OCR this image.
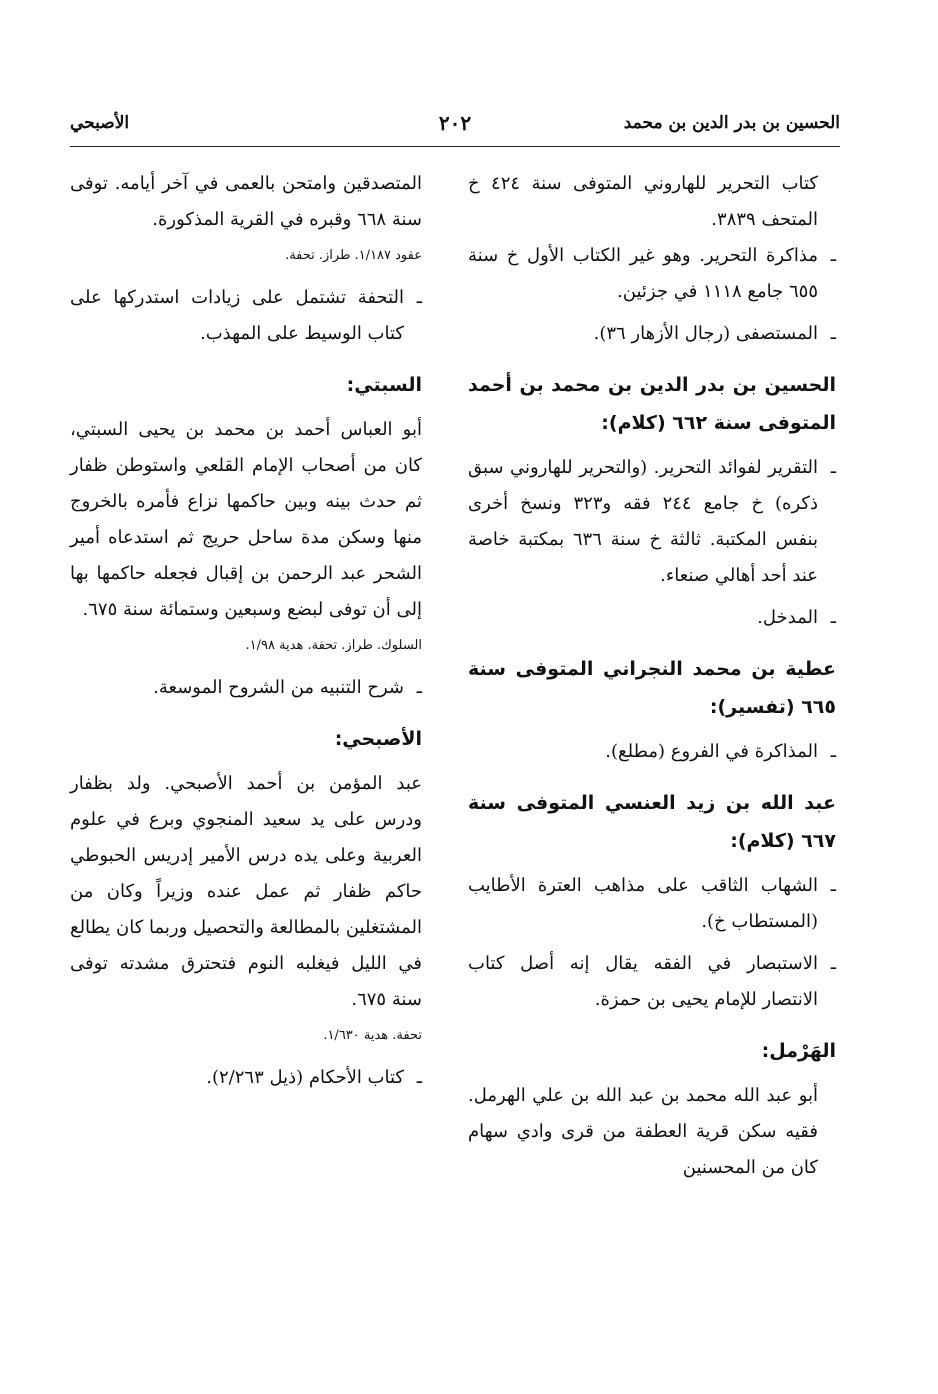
الحسين بن بدر الدين بن محمد
٢٠٢
الأصبحي

كتاب التحرير للهاروني المتوفى سنة ٤٢٤ خ المتحف ٣٨٣٩.

ـ
مذاكرة التحرير. وهو غير الكتاب الأول خ سنة ٦٥٥ جامع ١١١٨ في جزئين.
ـ
المستصفى (رجال الأزهار ٣٦).
الحسين بن بدر الدين بن محمد بن أحمد المتوفى سنة ٦٦٢ (كلام):
ـ
التقرير لفوائد التحرير. (والتحرير للهاروني سبق ذكره) خ جامع ٢٤٤ فقه و٣٢٣ ونسخ أخرى بنفس المكتبة. ثالثة خ سنة ٦٣٦ بمكتبة خاصة عند أحد أهالي صنعاء.
ـ
المدخل.
عطية بن محمد النجراني المتوفى سنة ٦٦٥ (تفسير):
ـ
المذاكرة في الفروع (مطلع).
عبد الله بن زيد العنسي المتوفى سنة ٦٦٧ (كلام):
ـ
الشهاب الثاقب على مذاهب العترة الأطايب (المستطاب خ).
ـ
الاستبصار في الفقه يقال إنه أصل كتاب الانتصار للإمام يحيى بن حمزة.
الهَرْمل:

أبو عبد الله محمد بن عبد الله بن علي الهرمل. فقيه سكن قرية العطفة من قرى وادي سهام كان من المحسنين

المتصدقين وامتحن بالعمى في آخر أيامه. توفى سنة ٦٦٨ وقبره في القرية المذكورة.

عقود ١/١٨٧. طراز. تحفة.
ـ
التحفة تشتمل على زيادات استدركها على كتاب الوسيط على المهذب.
السبتي:

أبو العباس أحمد بن محمد بن يحيى السبتي، كان من أصحاب الإمام القلعي واستوطن ظفار ثم حدث بينه وبين حاكمها نزاع فأمره بالخروج منها وسكن مدة ساحل حريج ثم استدعاه أمير الشحر عبد الرحمن بن إقبال فجعله حاكمها بها إلى أن توفى لبضع وسبعين وستمائة سنة ٦٧٥.

السلوك. طراز. تحفة. هدية ١/٩٨.
ـ
شرح التنبيه من الشروح الموسعة.
الأصبحي:

عبد المؤمن بن أحمد الأصبحي. ولد بظفار ودرس على يد سعيد المنجوي وبرع في علوم العربية وعلى يده درس الأمير إدريس الحبوطي حاكم ظفار ثم عمل عنده وزيراً وكان من المشتغلين بالمطالعة والتحصيل وربما كان يطالع في الليل فيغلبه النوم فتحترق مشدته توفى سنة ٦٧٥.

تحفة. هدية ١/٦٣٠.
ـ
كتاب الأحكام (ذيل ٢/٢٦٣).
